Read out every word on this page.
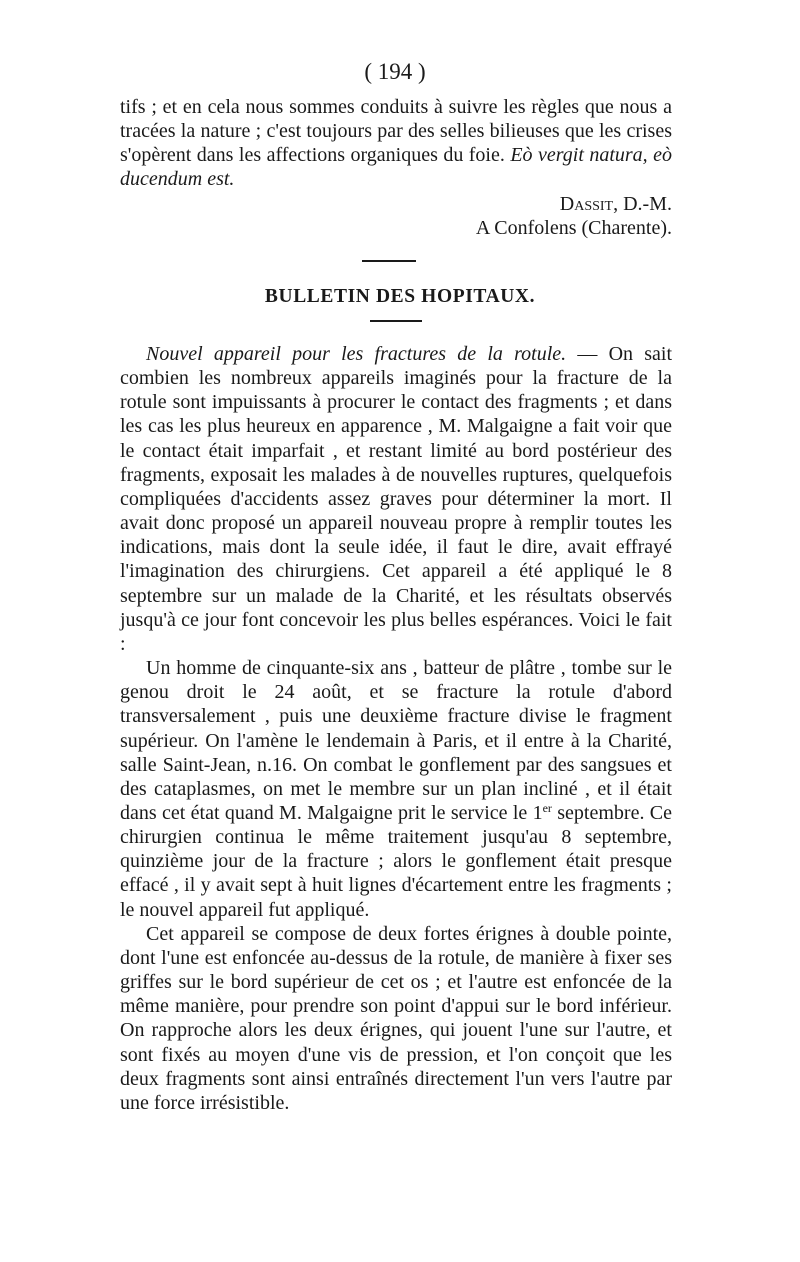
( 194 )

tifs ; et en cela nous sommes conduits à suivre les règles que nous a tracées la nature ; c'est toujours par des selles bilieuses que les crises s'opèrent dans les affections organiques du foie. Eò vergit natura, eò ducendum est.

Dassit, D.-M.
A Confolens (Charente).
BULLETIN DES HOPITAUX.

Nouvel appareil pour les fractures de la rotule. — On sait combien les nombreux appareils imaginés pour la fracture de la rotule sont impuissants à procurer le contact des fragments ; et dans les cas les plus heureux en apparence , M. Malgaigne a fait voir que le contact était imparfait , et restant limité au bord postérieur des fragments, exposait les malades à de nouvelles ruptures, quelquefois compliquées d'accidents assez graves pour déterminer la mort. Il avait donc proposé un appareil nouveau propre à remplir toutes les indications, mais dont la seule idée, il faut le dire, avait effrayé l'imagination des chirurgiens. Cet appareil a été appliqué le 8 septembre sur un malade de la Charité, et les résultats observés jusqu'à ce jour font concevoir les plus belles espérances. Voici le fait :

Un homme de cinquante-six ans , batteur de plâtre , tombe sur le genou droit le 24 août, et se fracture la rotule d'abord transversalement , puis une deuxième fracture divise le fragment supérieur. On l'amène le lendemain à Paris, et il entre à la Charité, salle Saint-Jean, n.16. On combat le gonflement par des sangsues et des cataplasmes, on met le membre sur un plan incliné , et il était dans cet état quand M. Malgaigne prit le service le 1er septembre. Ce chirurgien continua le même traitement jusqu'au 8 septembre, quinzième jour de la fracture ; alors le gonflement était presque effacé , il y avait sept à huit lignes d'écartement entre les fragments ; le nouvel appareil fut appliqué.

Cet appareil se compose de deux fortes érignes à double pointe, dont l'une est enfoncée au-dessus de la rotule, de manière à fixer ses griffes sur le bord supérieur de cet os ; et l'autre est enfoncée de la même manière, pour prendre son point d'appui sur le bord inférieur. On rapproche alors les deux érignes, qui jouent l'une sur l'autre, et sont fixés au moyen d'une vis de pression, et l'on conçoit que les deux fragments sont ainsi entraînés directement l'un vers l'autre par une force irrésistible.
